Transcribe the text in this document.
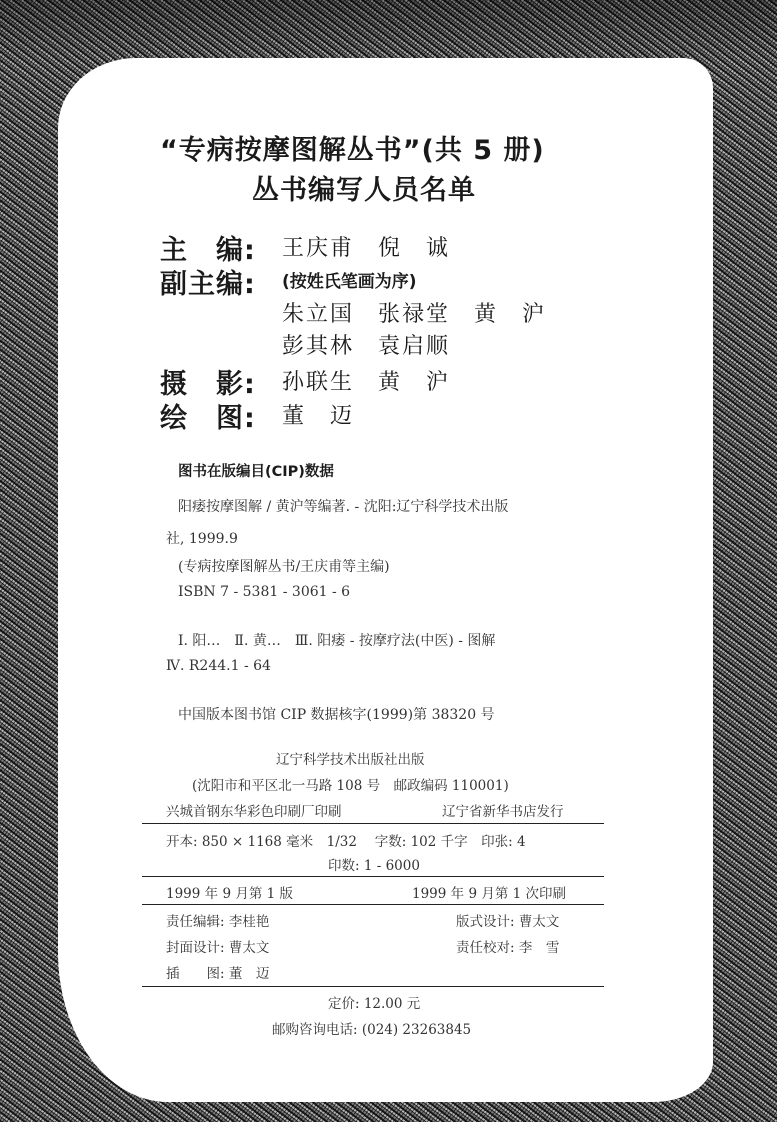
“专病按摩图解丛书”(共 5 册)
丛书编写人员名单
主　编: 王庆甫　倪　诚
副主编: (按姓氏笔画为序)
朱立国　张禄堂　黄　沪
彭其林　袁启顺
摄　影: 孙联生　黄　沪
绘　图: 董　迈
图书在版编目(CIP)数据
阳痿按摩图解 / 黄沪等编著. - 沈阳:辽宁科学技术出版
社, 1999.9
(专病按摩图解丛书/王庆甫等主编)
ISBN 7 - 5381 - 3061 - 6
Ⅰ. 阳…　Ⅱ. 黄…　Ⅲ. 阳痿 - 按摩疗法(中医) - 图解
Ⅳ. R244.1 - 64
中国版本图书馆 CIP 数据核字(1999)第 38320 号
辽宁科学技术出版社出版
(沈阳市和平区北一马路 108 号　邮政编码 110001)
兴城首钢东华彩色印刷厂印刷	辽宁省新华书店发行
开本: 850 × 1168 毫米　1/32　 字数: 102 千字　印张: 4
印数: 1 - 6000
1999 年 9 月第 1 版	1999 年 9 月第 1 次印刷
责任编辑: 李桂艳	版式设计: 曹太文
封面设计: 曹太文	责任校对: 李　雪
插　　图: 董　迈
定价: 12.00 元
邮购咨询电话: (024) 23263845
